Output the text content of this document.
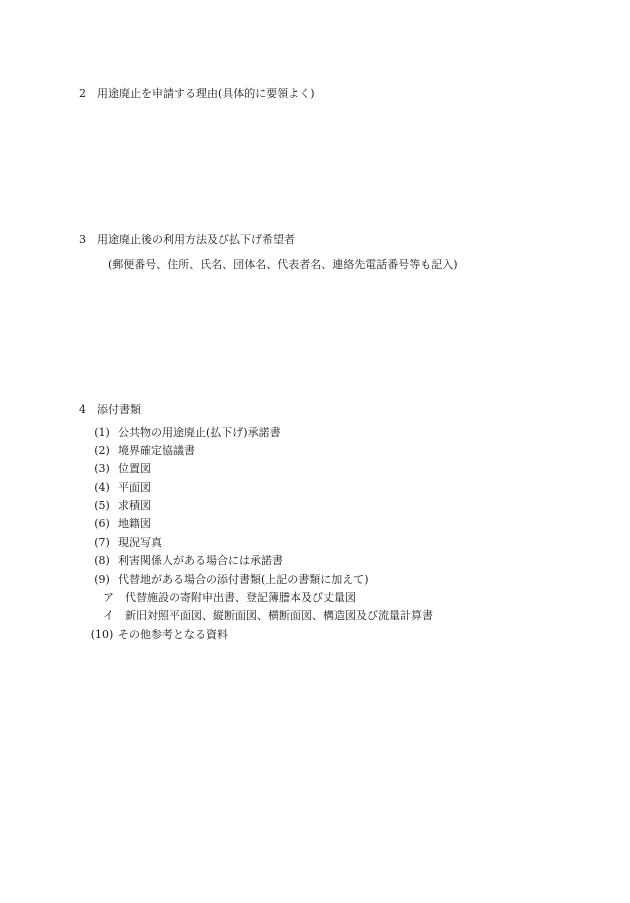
2 用途廃止を申請する理由(具体的に要領よく)
3 用途廃止後の利用方法及び払下げ希望者
(郵便番号、住所、氏名、団体名、代表者名、連絡先電話番号等も記入)
4 添付書類
(1) 公共物の用途廃止(払下げ)承諾書
(2) 境界確定協議書
(3) 位置図
(4) 平面図
(5) 求積図
(6) 地籍図
(7) 現況写真
(8) 利害関係人がある場合には承諾書
(9) 代替地がある場合の添付書類(上記の書類に加えて)
ア 代替施設の寄附申出書、登記簿謄本及び丈量図
イ 新旧対照平面図、縦断面図、横断面図、構造図及び流量計算書
(10) その他参考となる資料
